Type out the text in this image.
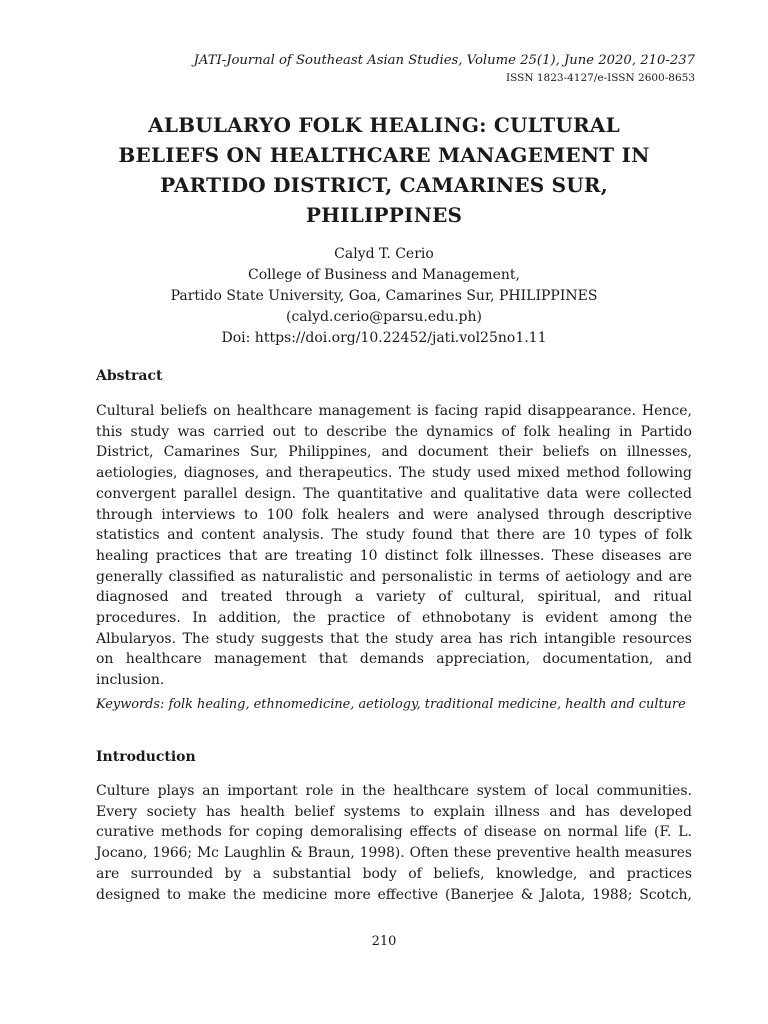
JATI-Journal of Southeast Asian Studies, Volume 25(1), June 2020, 210-237
ISSN 1823-4127/e-ISSN 2600-8653
ALBULARYO FOLK HEALING: CULTURAL
BELIEFS ON HEALTHCARE MANAGEMENT IN
PARTIDO DISTRICT, CAMARINES SUR,
PHILIPPINES
Calyd T. Cerio
College of Business and Management,
Partido State University, Goa, Camarines Sur, PHILIPPINES
(calyd.cerio@parsu.edu.ph)
Doi: https://doi.org/10.22452/jati.vol25no1.11
Abstract
Cultural beliefs on healthcare management is facing rapid disappearance. Hence,
this study was carried out to describe the dynamics of folk healing in Partido
District, Camarines Sur, Philippines, and document their beliefs on illnesses,
aetiologies, diagnoses, and therapeutics. The study used mixed method following
convergent parallel design. The quantitative and qualitative data were collected
through interviews to 100 folk healers and were analysed through descriptive
statistics and content analysis. The study found that there are 10 types of folk
healing practices that are treating 10 distinct folk illnesses. These diseases are
generally classified as naturalistic and personalistic in terms of aetiology and are
diagnosed and treated through a variety of cultural, spiritual, and ritual
procedures. In addition, the practice of ethnobotany is evident among the
Albularyos. The study suggests that the study area has rich intangible resources
on healthcare management that demands appreciation, documentation, and
inclusion.
Keywords: folk healing, ethnomedicine, aetiology, traditional medicine, health and culture
Introduction
Culture plays an important role in the healthcare system of local communities.
Every society has health belief systems to explain illness and has developed
curative methods for coping demoralising effects of disease on normal life (F. L.
Jocano, 1966; Mc Laughlin & Braun, 1998). Often these preventive health measures
are surrounded by a substantial body of beliefs, knowledge, and practices
designed to make the medicine more effective (Banerjee & Jalota, 1988; Scotch,
210
